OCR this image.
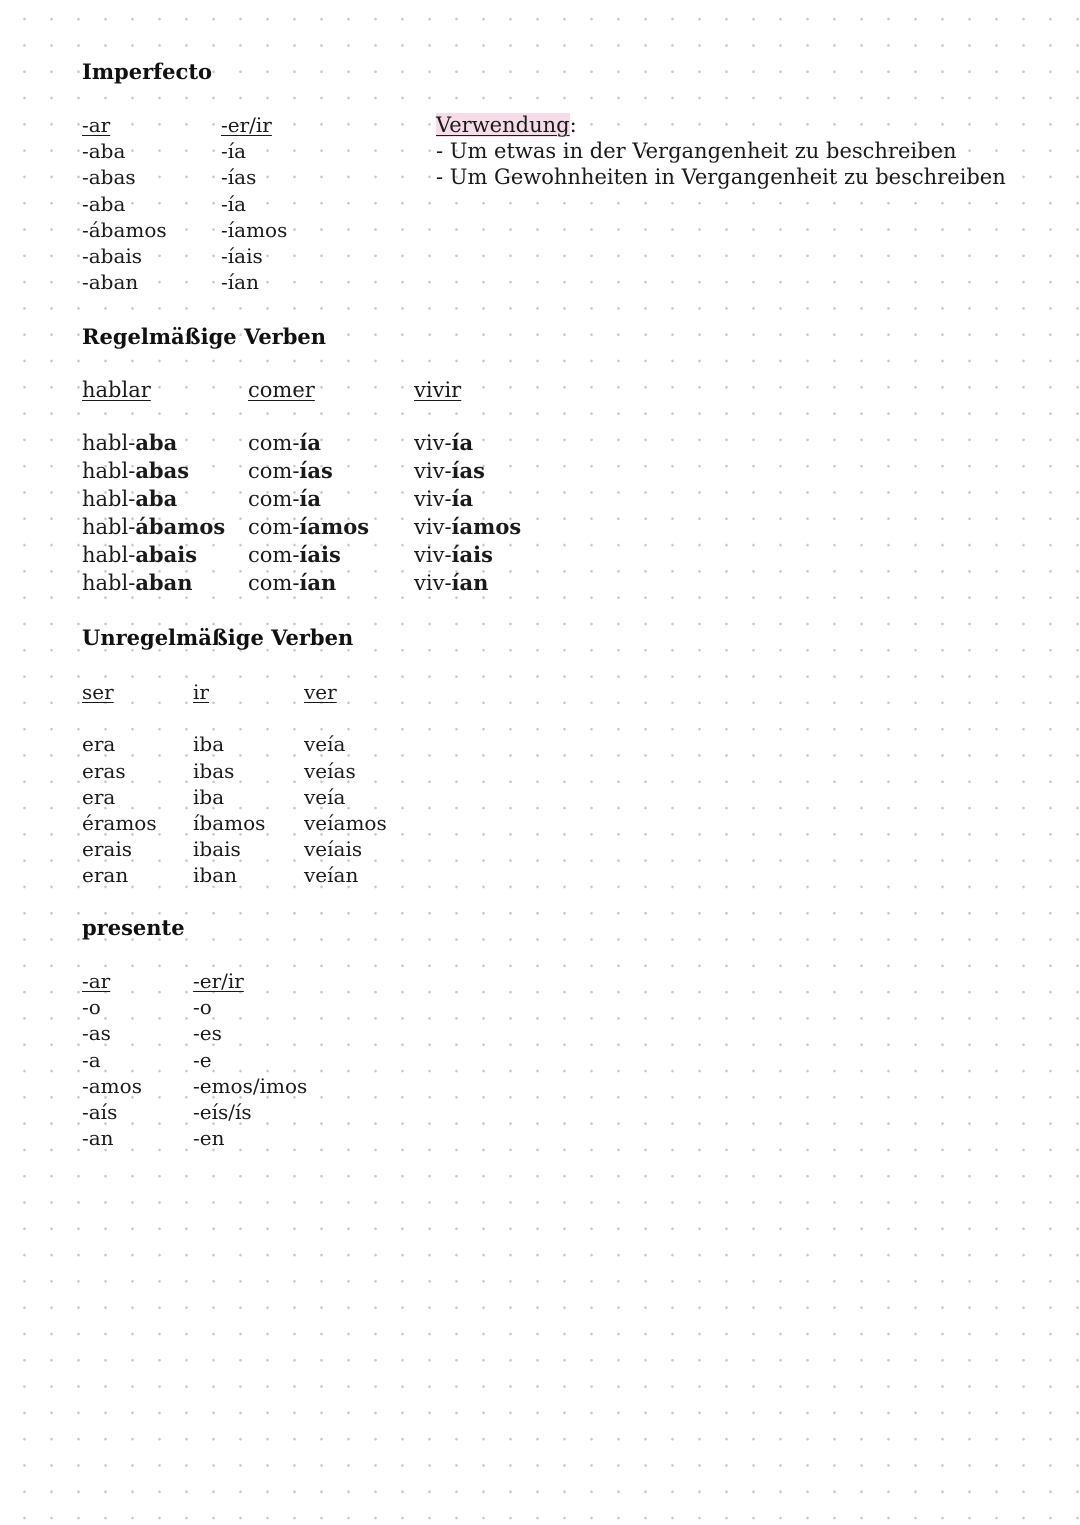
Imperfecto
-ar
-aba
-abas
-aba
-ábamos
-abais
-aban
-er/ir
-ía
-ías
-ía
-íamos
-íais
-ían
Verwendung:
- Um etwas in der Vergangenheit zu beschreiben
- Um Gewohnheiten in Vergangenheit zu beschreiben
Regelmäßige Verben
hablar	comer	vivir
habl-aba
habl-abas
habl-aba
habl-ábamos
habl-abais
habl-aban
com-ía
com-ías
com-ía
com-íamos
com-íais
com-ían
viv-ía
viv-ías
viv-ía
viv-íamos
viv-íais
viv-ían
Unregelmäßige Verben
ser
era
eras
era
éramos
erais
eran
ir
iba
ibas
iba
íbamos
ibais
iban
ver
veía
veías
veía
veíamos
veíais
veían
presente
-ar
-o
-as
-a
-amos
-aís
-an
-er/ir
-o
-es
-e
-emos/imos
-eís/ís
-en
